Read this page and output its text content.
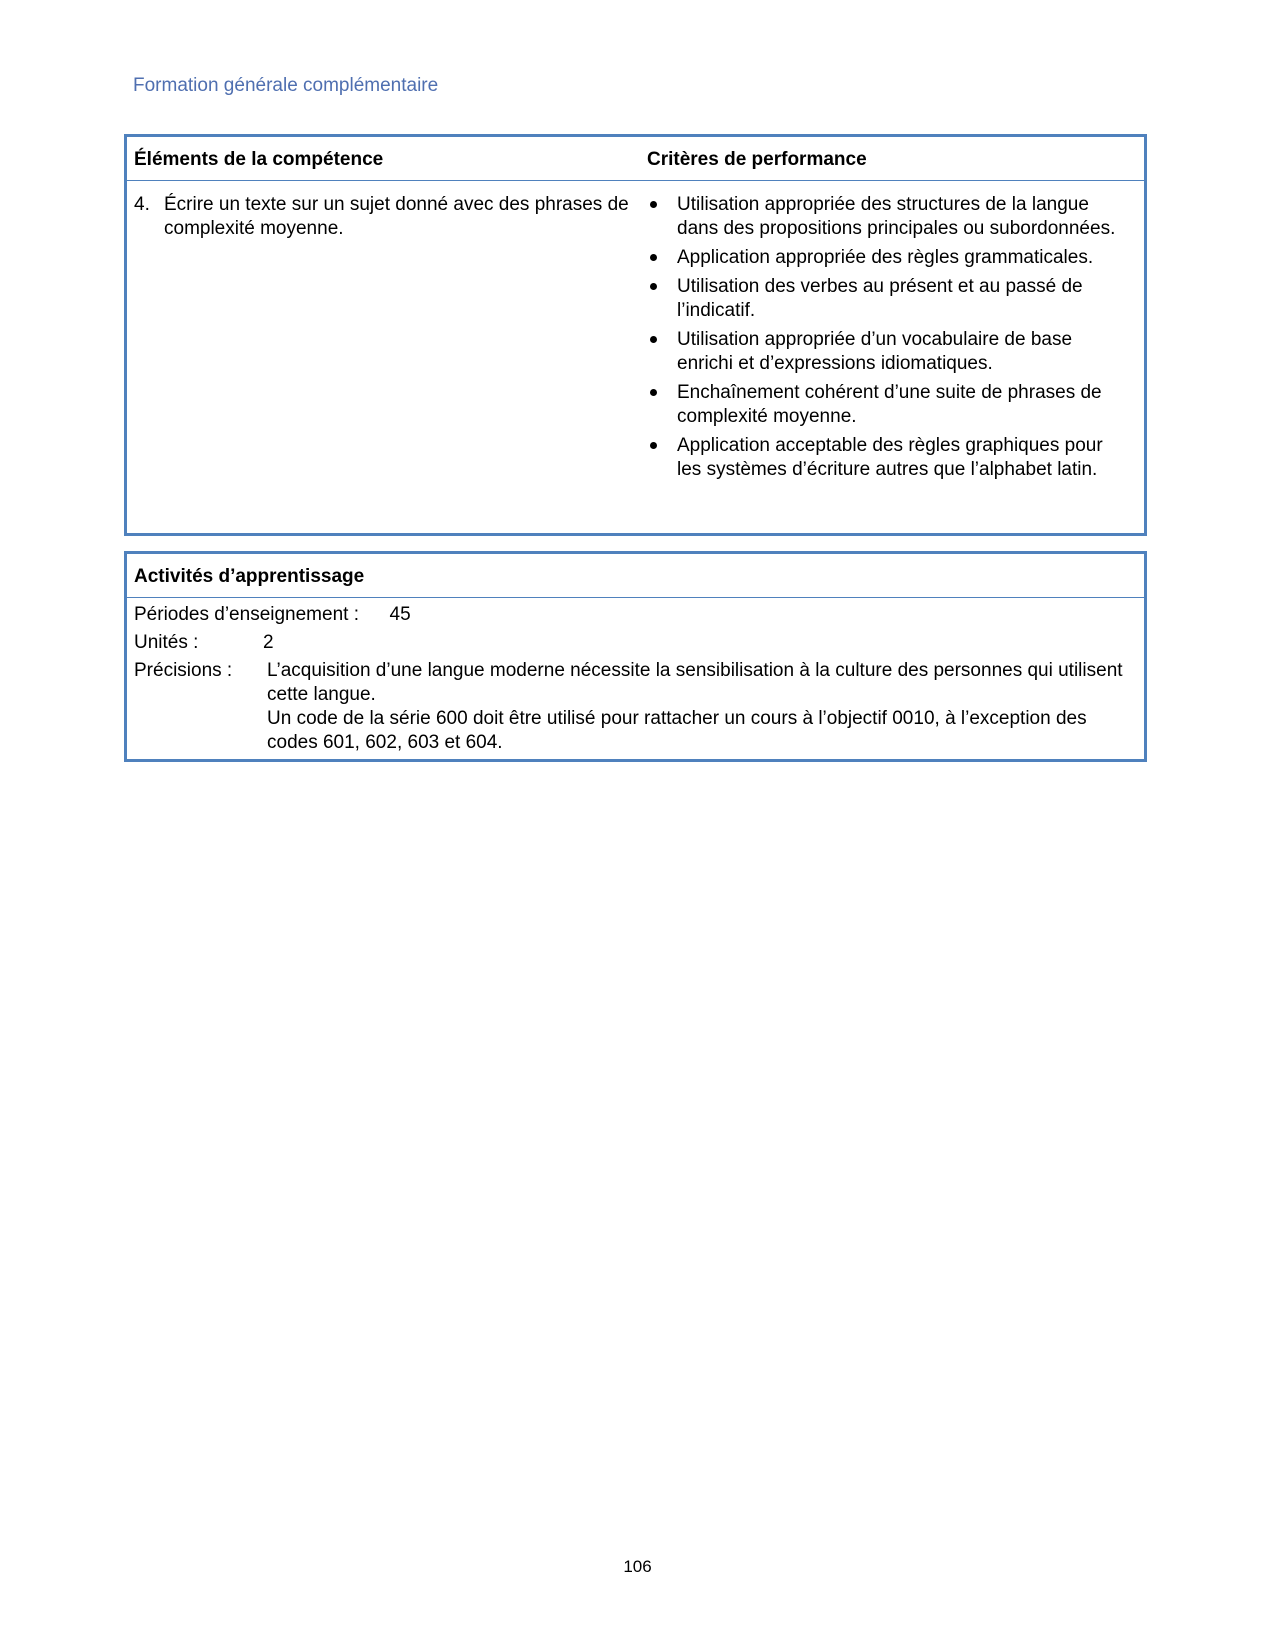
Formation générale complémentaire
Éléments de la compétence	Critères de performance
4. Écrire un texte sur un sujet donné avec des phrases de complexité moyenne.
Utilisation appropriée des structures de la langue dans des propositions principales ou subordonnées.
Application appropriée des règles grammaticales.
Utilisation des verbes au présent et au passé de l’indicatif.
Utilisation appropriée d’un vocabulaire de base enrichi et d’expressions idiomatiques.
Enchaînement cohérent d’une suite de phrases de complexité moyenne.
Application acceptable des règles graphiques pour les systèmes d’écriture autres que l’alphabet latin.
Activités d’apprentissage
Périodes d’enseignement : 45
Unités :	2
Précisions : L’acquisition d’une langue moderne nécessite la sensibilisation à la culture des personnes qui utilisent cette langue.

Un code de la série 600 doit être utilisé pour rattacher un cours à l’objectif 0010, à l’exception des codes 601, 602, 603 et 604.

106
